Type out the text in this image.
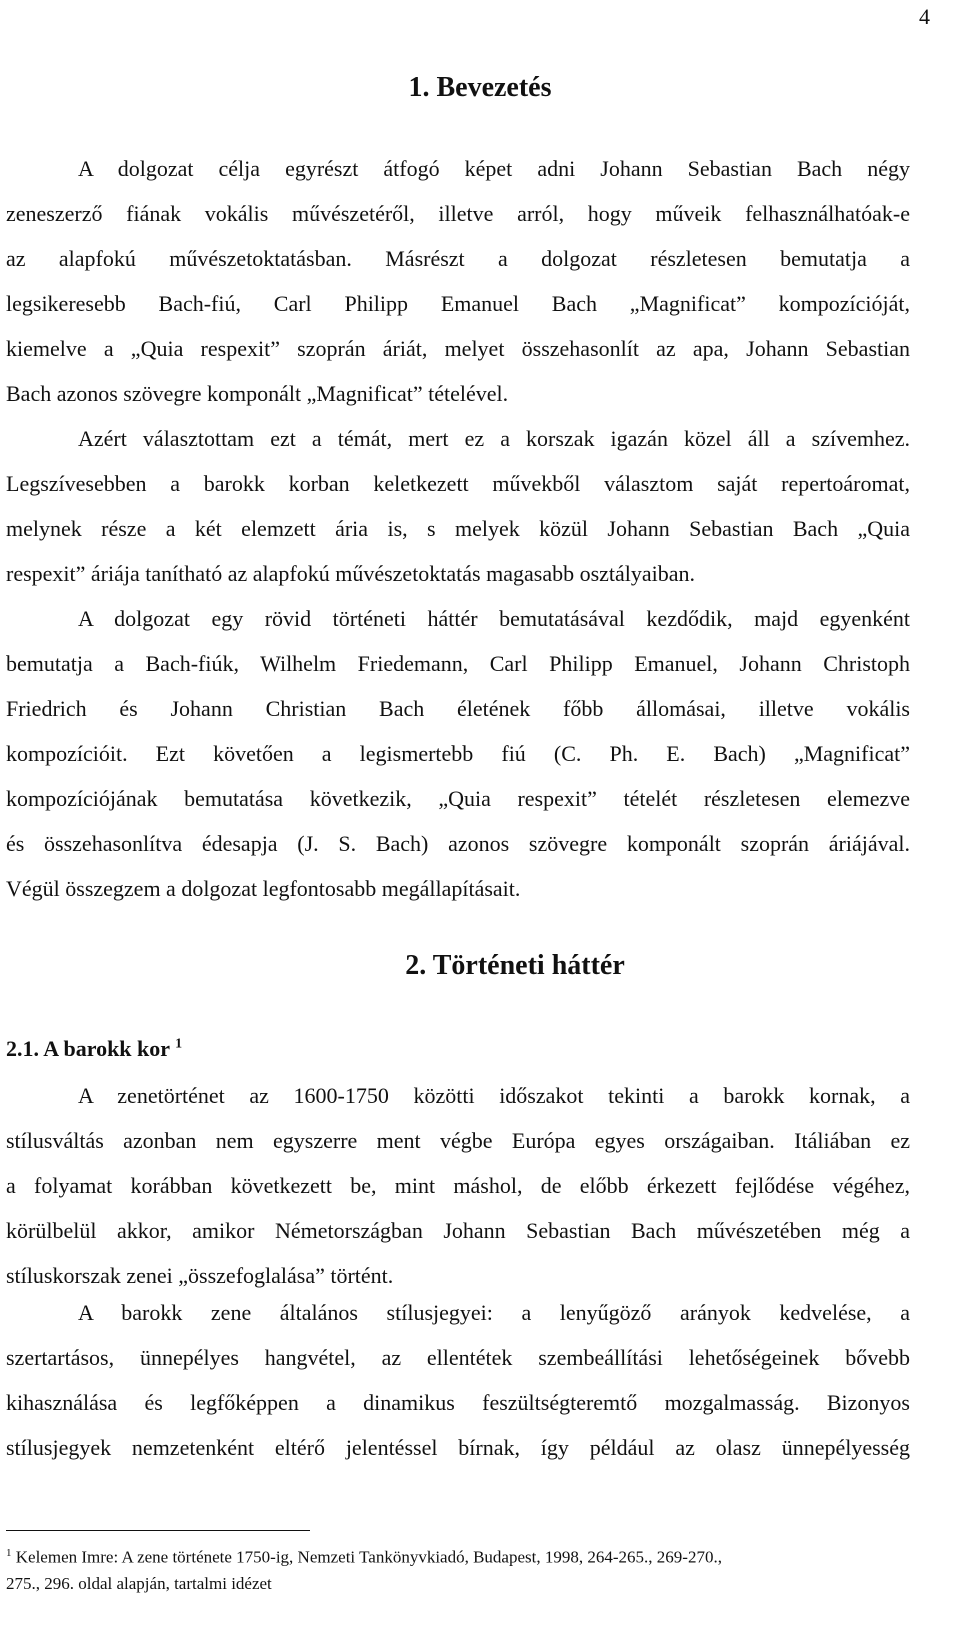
4
1. Bevezetés
A dolgozat célja egyrészt átfogó képet adni Johann Sebastian Bach négy
zeneszerző fiának vokális művészetéről, illetve arról, hogy műveik felhasználhatóak-e
az alapfokú művészetoktatásban. Másrészt a dolgozat részletesen bemutatja a
legsikeresebb Bach-fiú, Carl Philipp Emanuel Bach „Magnificat” kompozícióját,
kiemelve a „Quia respexit” szoprán áriát, melyet összehasonlít az apa, Johann Sebastian
Bach azonos szövegre komponált „Magnificat” tételével.
Azért választottam ezt a témát, mert ez a korszak igazán közel áll a szívemhez.
Legszívesebben a barokk korban keletkezett művekből választom saját repertoáromat,
melynek része a két elemzett ária is, s melyek közül Johann Sebastian Bach „Quia
respexit” áriája tanítható az alapfokú művészetoktatás magasabb osztályaiban.
A dolgozat egy rövid történeti háttér bemutatásával kezdődik, majd egyenként
bemutatja a Bach-fiúk, Wilhelm Friedemann, Carl Philipp Emanuel, Johann Christoph
Friedrich és Johann Christian Bach életének főbb állomásai, illetve vokális
kompozícióit. Ezt követően a legismertebb fiú (C. Ph. E. Bach) „Magnificat”
kompozíciójának bemutatása következik, „Quia respexit” tételét részletesen elemezve
és összehasonlítva édesapja (J. S. Bach) azonos szövegre komponált szoprán áriájával.
Végül összegzem a dolgozat legfontosabb megállapításait.
2. Történeti háttér
2.1. A barokk kor $^1$
A zenetörténet az 1600-1750 közötti időszakot tekinti a barokk kornak, a
stílusváltás azonban nem egyszerre ment végbe Európa egyes országaiban. Itáliában ez
a folyamat korábban következett be, mint máshol, de előbb érkezett fejlődése végéhez,
körülbelül akkor, amikor Németországban Johann Sebastian Bach művészetében még a
stíluskorszak zenei „összefoglalása” történt.
A barokk zene általános stílusjegyei: a lenyűgöző arányok kedvelése, a
szertartásos, ünnepélyes hangvétel, az ellentétek szembeállítási lehetőségeinek bővebb
kihasználása és legfőképpen a dinamikus feszültségteremtő mozgalmasság. Bizonyos
stílusjegyek nemzetenként eltérő jelentéssel bírnak, így például az olasz ünnepélyesség
$^1$ Kelemen Imre: A zene története 1750-ig, Nemzeti Tankönyvkiadó, Budapest, 1998, 264-265., 269-270.,
275., 296. oldal alapján, tartalmi idézet
